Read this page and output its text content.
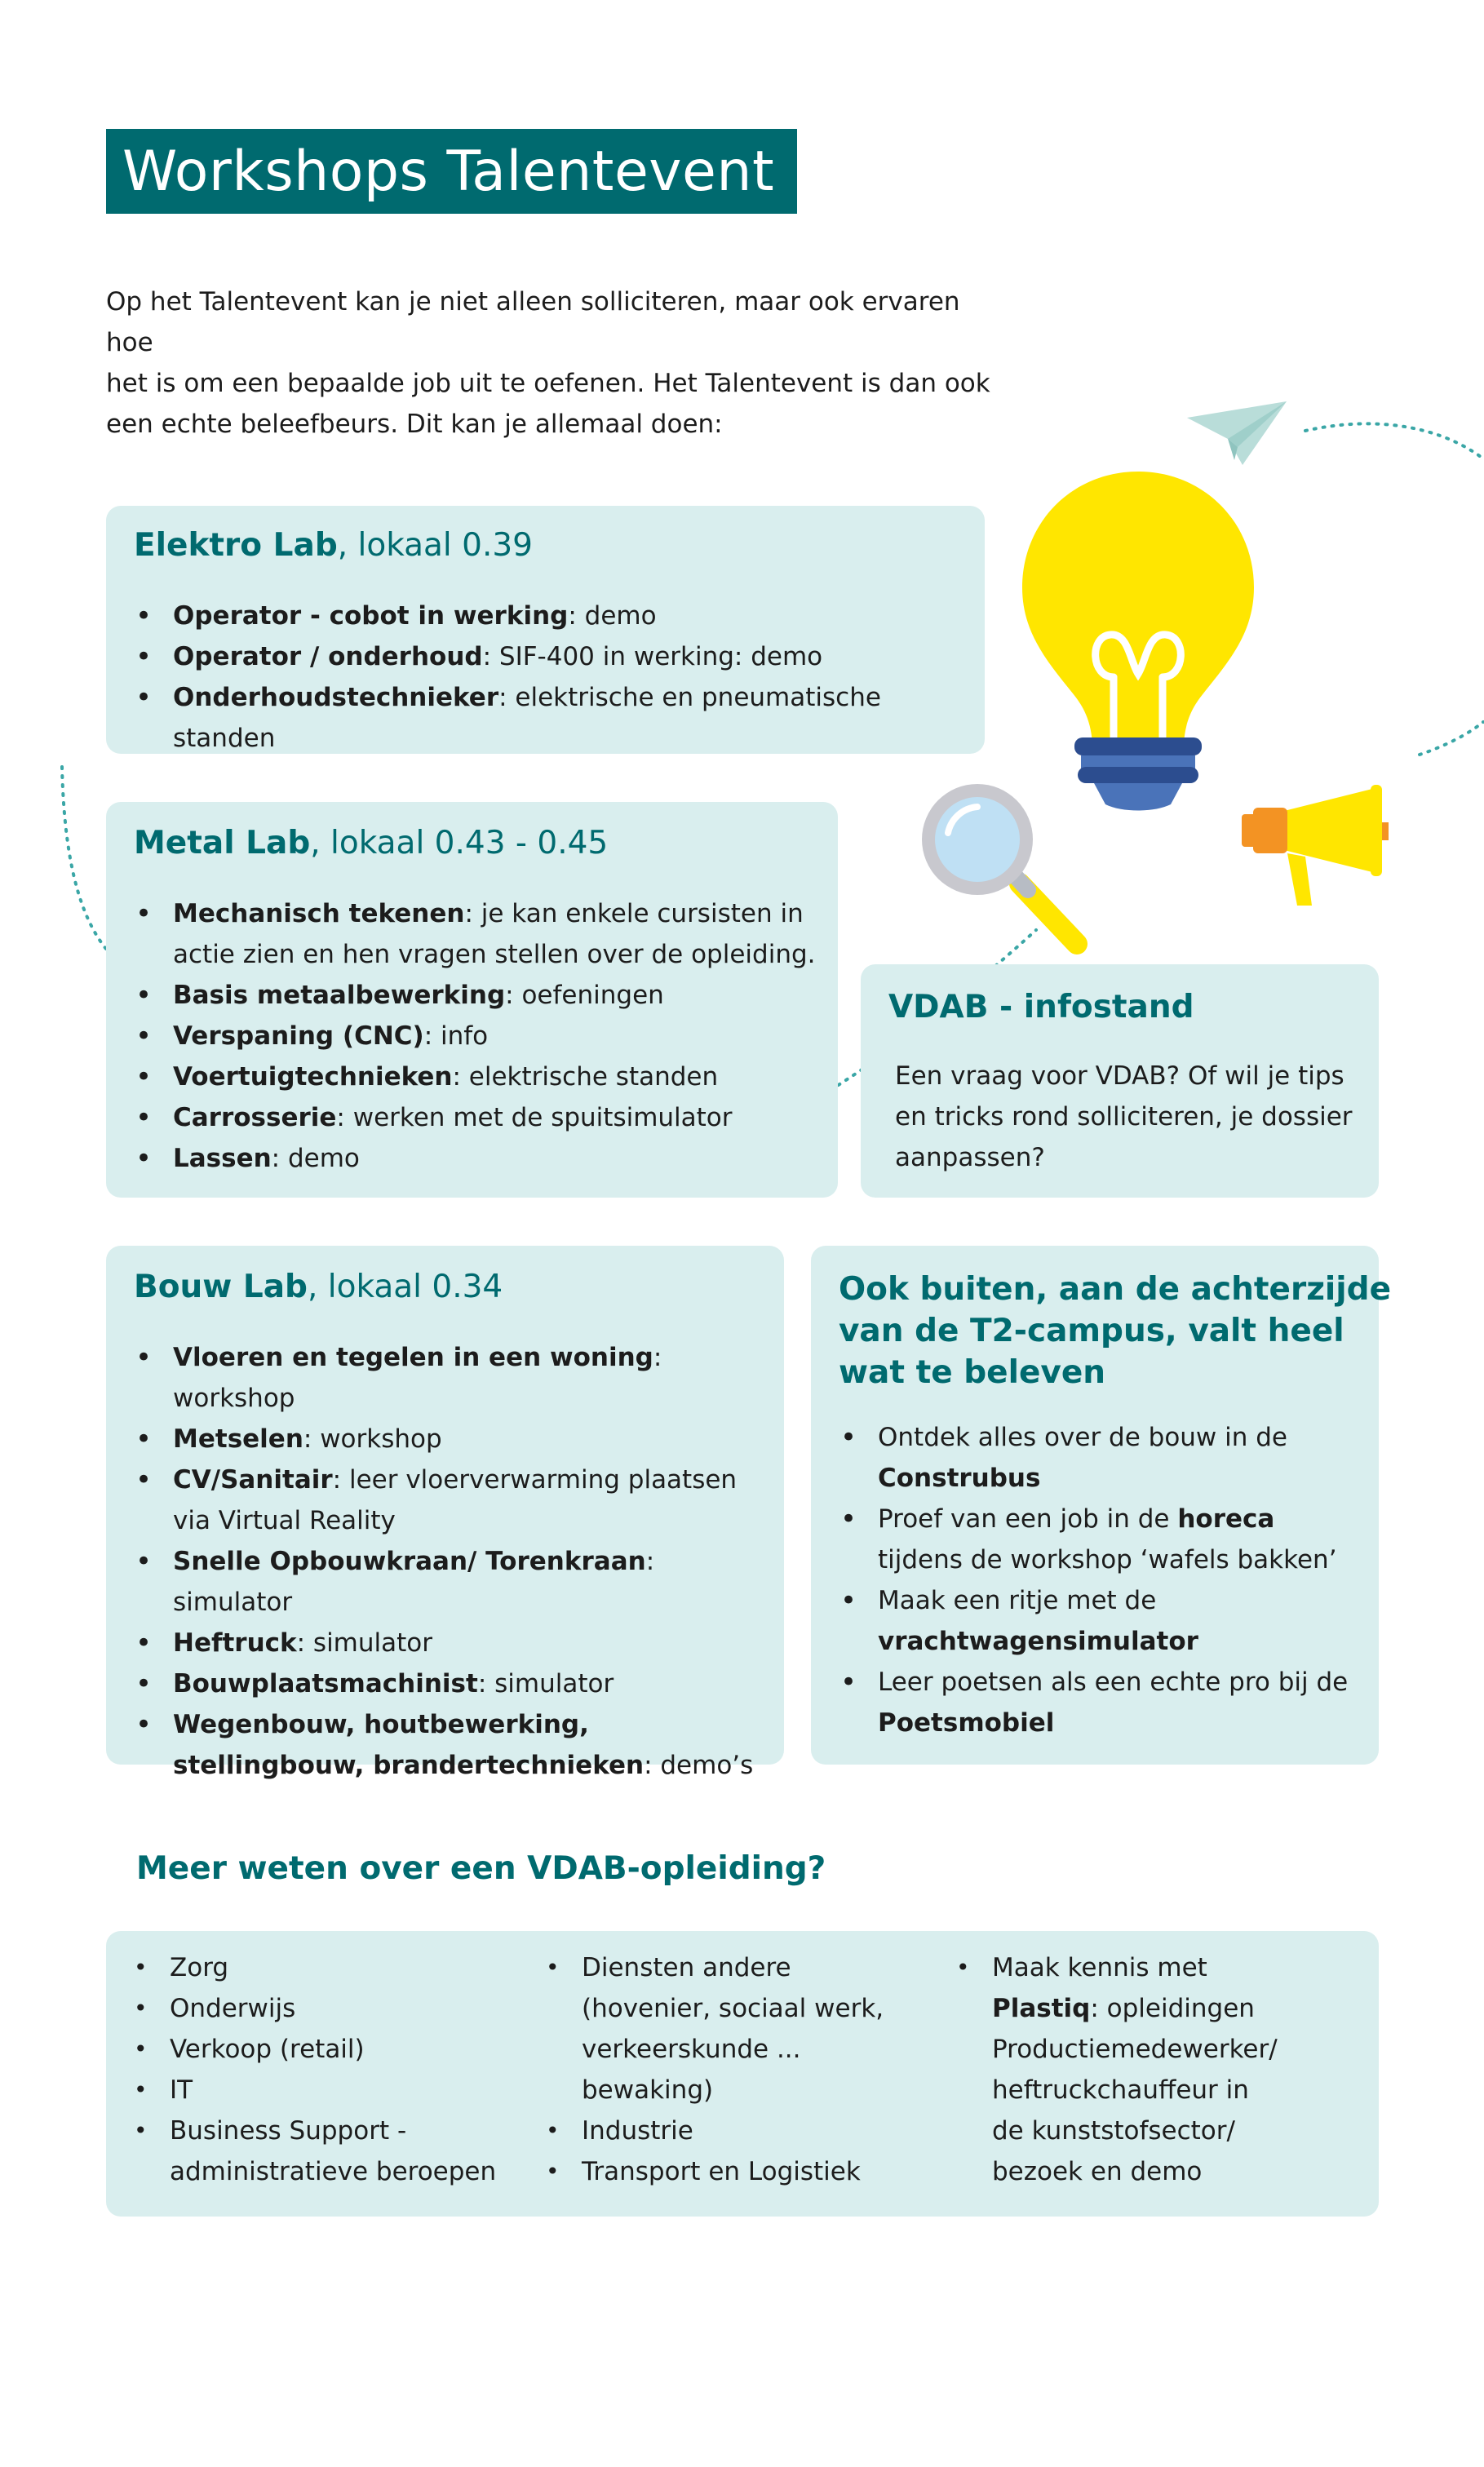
Workshops Talentevent

Op het Talentevent kan je niet alleen solliciteren, maar ook ervaren hoe

het is om een bepaalde job uit te oefenen. Het Talentevent is dan ook

een echte beleefbeurs. Dit kan je allemaal doen:

Elektro Lab, lokaal 0.39
• Operator - cobot in werking: demo
• Operator / onderhoud: SIF-400 in werking: demo
• Onderhoudstechnieker: elektrische en pneumatische standen
Metal Lab, lokaal 0.43 - 0.45
• Mechanisch tekenen: je kan enkele cursisten in actie zien en hen vragen stellen over de opleiding.
• Basis metaalbewerking: oefeningen
• Verspaning (CNC): info
• Voertuigtechnieken: elektrische standen
• Carrosserie: werken met de spuitsimulator
• Lassen: demo
VDAB - infostand
Een vraag voor VDAB? Of wil je tips en tricks rond solliciteren, je dossier aanpassen?
Bouw Lab, lokaal 0.34
• Vloeren en tegelen in een woning: workshop
• Metselen: workshop
• CV/Sanitair: leer vloerverwarming plaatsen via Virtual Reality
• Snelle Opbouwkraan/ Torenkraan: simulator
• Heftruck: simulator
• Bouwplaatsmachinist: simulator
• Wegenbouw, houtbewerking, stellingbouw, brandertechnieken: demo’s
Ook buiten, aan de achterzijde
van de T2-campus, valt heel
wat te beleven
• Ontdek alles over de bouw in de Construbus
• Proef van een job in de horeca tijdens de workshop ‘wafels bakken’
• Maak een ritje met de vrachtwagensimulator
• Leer poetsen als een echte pro bij de Poetsmobiel
Meer weten over een VDAB-opleiding?
• Zorg
• Onderwijs
• Verkoop (retail)
• IT
• Business Support - administratieve beroepen
• Diensten andere (hovenier, sociaal werk, verkeerskunde ... bewaking)
• Industrie
• Transport en Logistiek
• Maak kennis met Plastiq: opleidingen Productiemedewerker/ heftruckchauffeur in de kunststofsector/ bezoek en demo
